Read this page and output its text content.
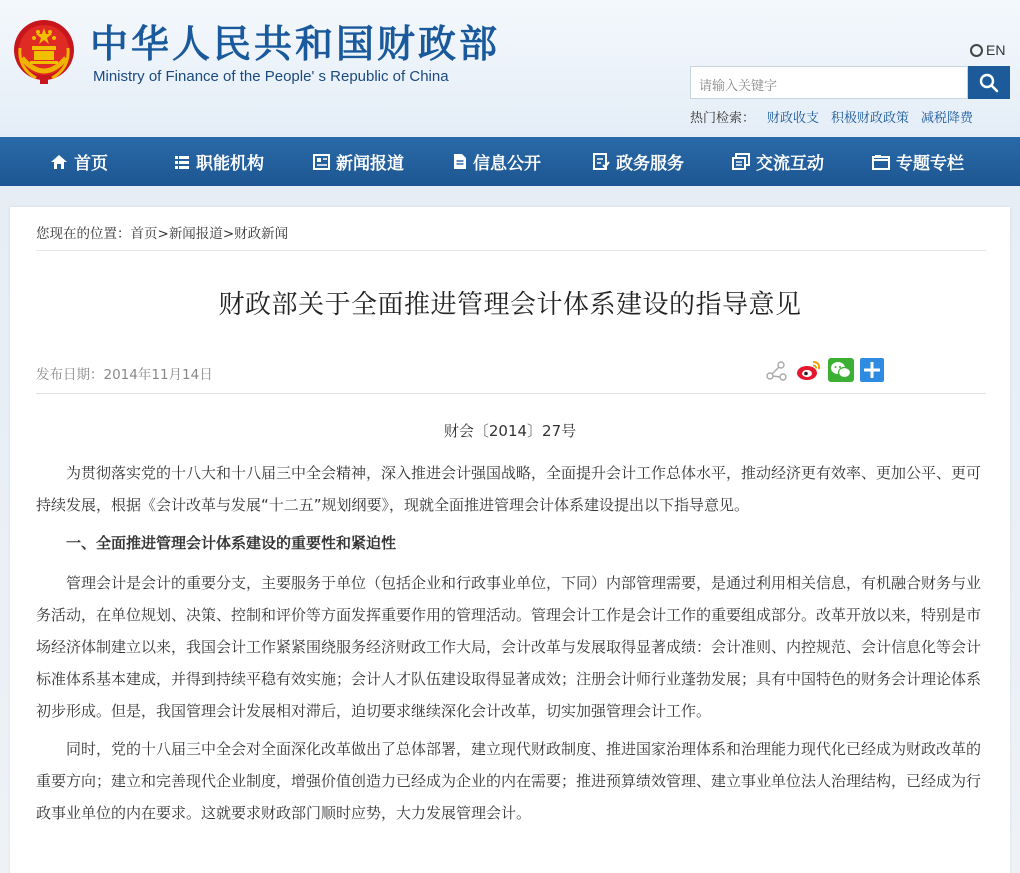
中华人民共和国财政部
Ministry of Finance of the People' s Republic of China
EN
请输入关键字
热门检索： 财政收支 积极财政政策 减税降费
首页	职能机构	新闻报道	信息公开	政务服务	交流互动	专题专栏
您现在的位置：首页>新闻报道>财政新闻
财政部关于全面推进管理会计体系建设的指导意见
发布日期：2014年11月14日
财会〔2014〕27号

为贯彻落实党的十八大和十八届三中全会精神，深入推进会计强国战略，全面提升会计工作总体水平，推动经济更有效率、更加公平、更可持续发展，根据《会计改革与发展“十二五”规划纲要》，现就全面推进管理会计体系建设提出以下指导意见。

一、全面推进管理会计体系建设的重要性和紧迫性

管理会计是会计的重要分支，主要服务于单位（包括企业和行政事业单位，下同）内部管理需要，是通过利用相关信息，有机融合财务与业务活动，在单位规划、决策、控制和评价等方面发挥重要作用的管理活动。管理会计工作是会计工作的重要组成部分。改革开放以来，特别是市场经济体制建立以来，我国会计工作紧紧围绕服务经济财政工作大局，会计改革与发展取得显著成绩：会计准则、内控规范、会计信息化等会计标准体系基本建成，并得到持续平稳有效实施；会计人才队伍建设取得显著成效；注册会计师行业蓬勃发展；具有中国特色的财务会计理论体系初步形成。但是，我国管理会计发展相对滞后，迫切要求继续深化会计改革，切实加强管理会计工作。

同时，党的十八届三中全会对全面深化改革做出了总体部署，建立现代财政制度、推进国家治理体系和治理能力现代化已经成为财政改革的重要方向；建立和完善现代企业制度，增强价值创造力已经成为企业的内在需要；推进预算绩效管理、建立事业单位法人治理结构，已经成为行政事业单位的内在要求。这就要求财政部门顺时应势，大力发展管理会计。
